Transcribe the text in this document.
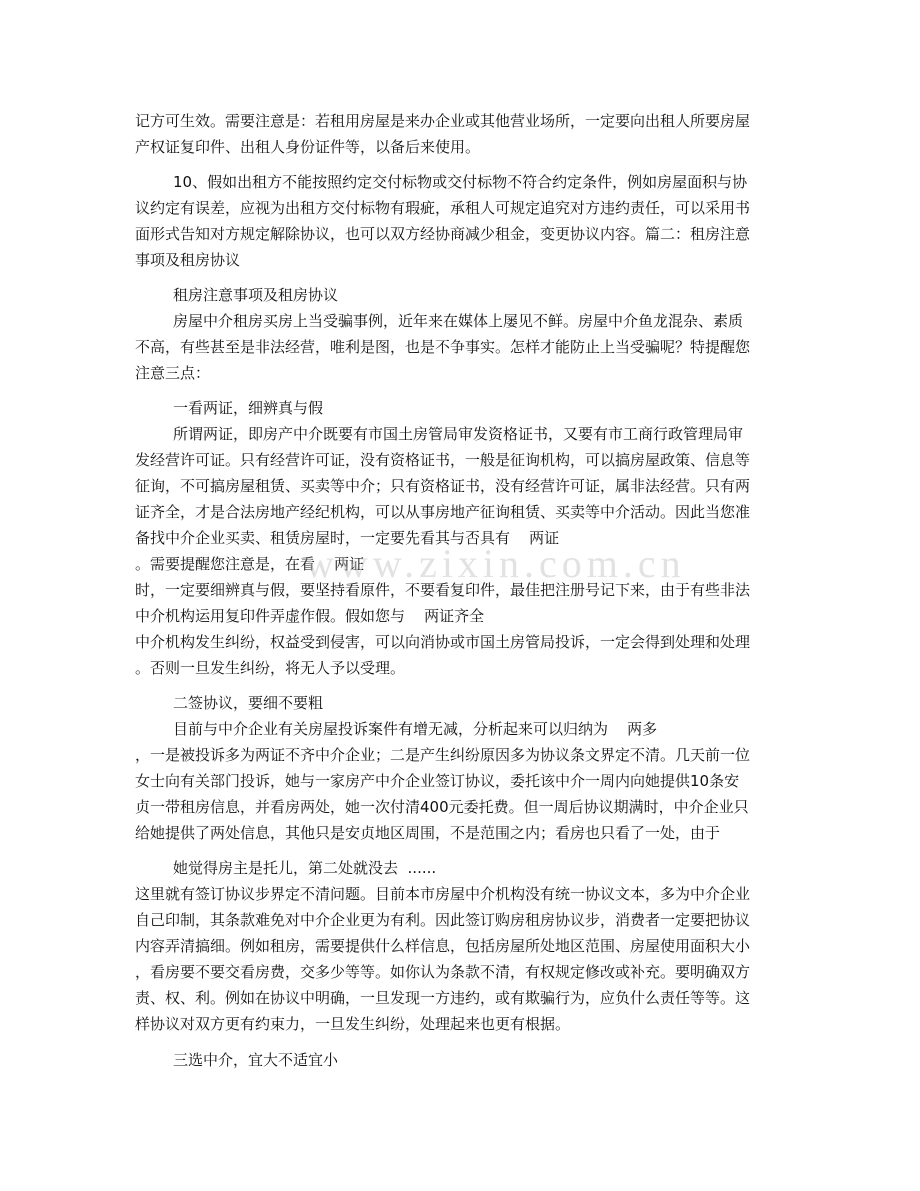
记方可生效。需要注意是：若租用房屋是来办企业或其他营业场所，一定要向出租人所要房屋
产权证复印件、出租人身份证件等，以备后来使用。
10、假如出租方不能按照约定交付标物或交付标物不符合约定条件，例如房屋面积与协
议约定有误差，应视为出租方交付标物有瑕疵，承租人可规定追究对方违约责任，可以采用书
面形式告知对方规定解除协议，也可以双方经协商减少租金，变更协议内容。篇二：租房注意
事项及租房协议
租房注意事项及租房协议
房屋中介租房买房上当受骗事例，近年来在媒体上屡见不鲜。房屋中介鱼龙混杂、素质
不高，有些甚至是非法经营，唯利是图，也是不争事实。怎样才能防止上当受骗呢？特提醒您
注意三点：
一看两证，细辨真与假
所谓两证，即房产中介既要有市国土房管局审发资格证书，又要有市工商行政管理局审
发经营许可证。只有经营许可证，没有资格证书，一般是征询机构，可以搞房屋政策、信息等
征询，不可搞房屋租赁、买卖等中介；只有资格证书，没有经营许可证，属非法经营。只有两
证齐全，才是合法房地产经纪机构，可以从事房地产征询租赁、买卖等中介活动。因此当您准
备找中介企业买卖、租赁房屋时，一定要先看其与否具有    两证
。需要提醒您注意是，在看    两证
时，一定要细辨真与假，要坚持看原件，不要看复印件，最佳把注册号记下来，由于有些非法
中介机构运用复印件弄虚作假。假如您与    两证齐全
中介机构发生纠纷，权益受到侵害，可以向消协或市国土房管局投诉，一定会得到处理和处理
。否则一旦发生纠纷，将无人予以受理。
二签协议，要细不要粗
目前与中介企业有关房屋投诉案件有增无减，分析起来可以归纳为    两多
，一是被投诉多为两证不齐中介企业；二是产生纠纷原因多为协议条文界定不清。几天前一位
女士向有关部门投诉，她与一家房产中介企业签订协议，委托该中介一周内向她提供10条安
贞一带租房信息，并看房两处，她一次付清400元委托费。但一周后协议期满时，中介企业只
给她提供了两处信息，其他只是安贞地区周围，不是范围之内；看房也只看了一处，由于
她觉得房主是托儿，第二处就没去  ......
这里就有签订协议步界定不清问题。目前本市房屋中介机构没有统一协议文本，多为中介企业
自己印制，其条款难免对中介企业更为有利。因此签订购房租房协议步，消费者一定要把协议
内容弄清搞细。例如租房，需要提供什么样信息，包括房屋所处地区范围、房屋使用面积大小
，看房要不要交看房费，交多少等等。如你认为条款不清，有权规定修改或补充。要明确双方
责、权、利。例如在协议中明确，一旦发现一方违约，或有欺骗行为，应负什么责任等等。这
样协议对双方更有约束力，一旦发生纠纷，处理起来也更有根据。
三选中介，宜大不适宜小
www.zixin.com.cn
